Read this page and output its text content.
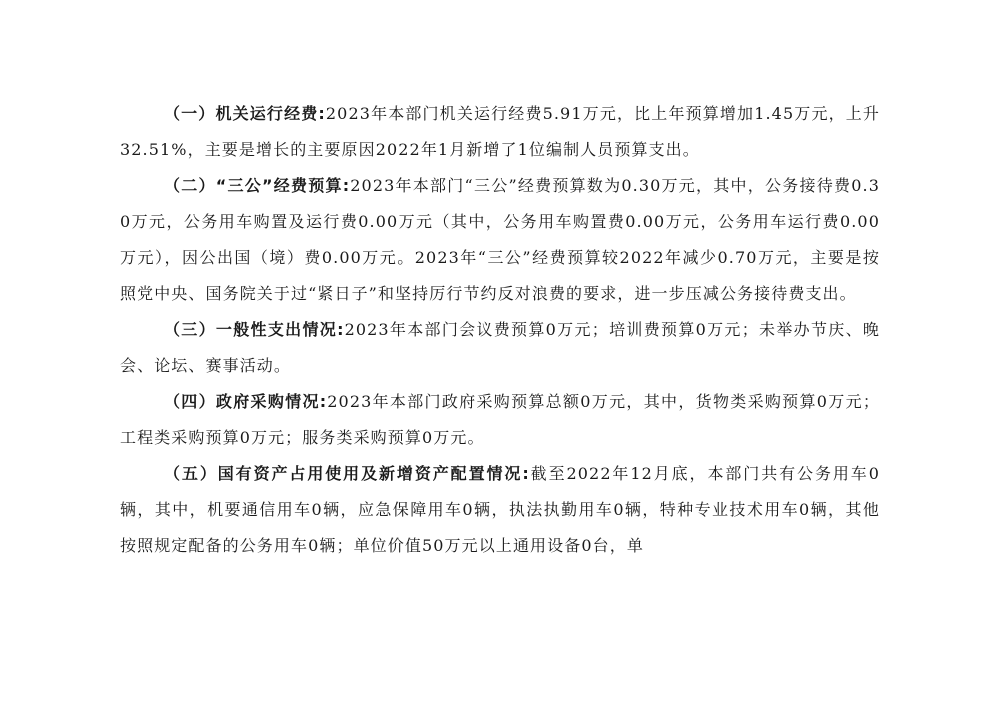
（一）机关运行经费:2023年本部门机关运行经费5.91万元，比上年预算增加1.45万元，上升32.51%，主要是增长的主要原因2022年1月新增了1位编制人员预算支出。

（二）“三公”经费预算:2023年本部门“三公”经费预算数为0.30万元，其中，公务接待费0.30万元，公务用车购置及运行费0.00万元（其中，公务用车购置费0.00万元，公务用车运行费0.00万元），因公出国（境）费0.00万元。2023年“三公”经费预算较2022年减少0.70万元，主要是按照党中央、国务院关于过“紧日子”和坚持厉行节约反对浪费的要求，进一步压减公务接待费支出。

（三）一般性支出情况:2023年本部门会议费预算0万元；培训费预算0万元；未举办节庆、晚会、论坛、赛事活动。

（四）政府采购情况:2023年本部门政府采购预算总额0万元，其中，货物类采购预算0万元；工程类采购预算0万元；服务类采购预算0万元。

（五）国有资产占用使用及新增资产配置情况:截至2022年12月底，本部门共有公务用车0辆，其中，机要通信用车0辆，应急保障用车0辆，执法执勤用车0辆，特种专业技术用车0辆，其他按照规定配备的公务用车0辆；单位价值50万元以上通用设备0台，单
